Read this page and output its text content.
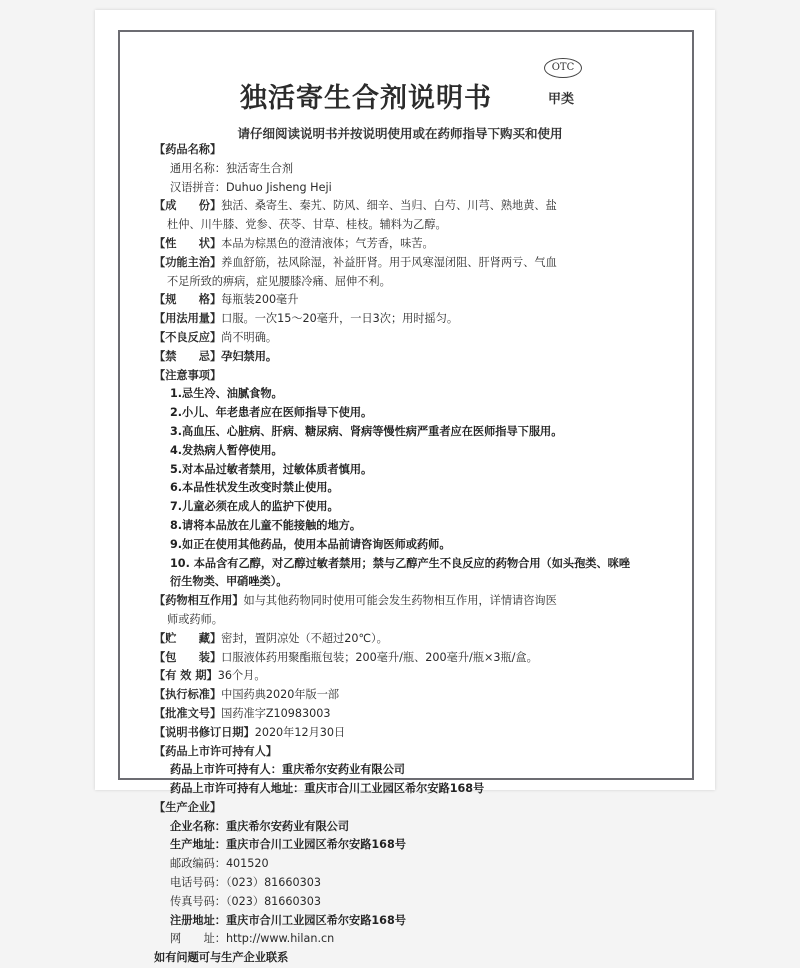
OTC
独活寄生合剂说明书	甲类
请仔细阅读说明书并按说明使用或在药师指导下购买和使用
【药品名称】
通用名称：独活寄生合剂
汉语拼音：Duhuo Jisheng Heji
【成　　份】独活、桑寄生、秦艽、防风、细辛、当归、白芍、川芎、熟地黄、盐
杜仲、川牛膝、党参、茯苓、甘草、桂枝。辅料为乙醇。
【性　　状】本品为棕黑色的澄清液体；气芳香，味苦。
【功能主治】养血舒筋，祛风除湿，补益肝肾。用于风寒湿闭阻、肝肾两亏、气血
不足所致的痹病，症见腰膝冷痛、屈伸不利。
【规　　格】每瓶装200毫升
【用法用量】口服。一次15～20毫升，一日3次；用时摇匀。
【不良反应】尚不明确。
【禁　　忌】孕妇禁用。
【注意事项】
1.忌生冷、油腻食物。
2.小儿、年老患者应在医师指导下使用。
3.高血压、心脏病、肝病、糖尿病、肾病等慢性病严重者应在医师指导下服用。
4.发热病人暂停使用。
5.对本品过敏者禁用，过敏体质者慎用。
6.本品性状发生改变时禁止使用。
7.儿童必须在成人的监护下使用。
8.请将本品放在儿童不能接触的地方。
9.如正在使用其他药品，使用本品前请咨询医师或药师。
10. 本品含有乙醇，对乙醇过敏者禁用；禁与乙醇产生不良反应的药物合用（如头孢类、咪唑衍生物类、甲硝唑类）。
【药物相互作用】如与其他药物同时使用可能会发生药物相互作用，详情请咨询医
师或药师。
【贮　　藏】密封，置阴凉处（不超过20℃）。
【包　　装】口服液体药用聚酯瓶包装；200毫升/瓶、200毫升/瓶×3瓶/盒。
【有 效 期】36个月。
【执行标准】中国药典2020年版一部
【批准文号】国药准字Z10983003
【说明书修订日期】2020年12月30日
【药品上市许可持有人】
药品上市许可持有人：重庆希尔安药业有限公司
药品上市许可持有人地址：重庆市合川工业园区希尔安路168号
【生产企业】
企业名称：重庆希尔安药业有限公司
生产地址：重庆市合川工业园区希尔安路168号
邮政编码：401520
电话号码：（023）81660303
传真号码：（023）81660303
注册地址：重庆市合川工业园区希尔安路168号
网　　址：http://www.hilan.cn
如有问题可与生产企业联系
